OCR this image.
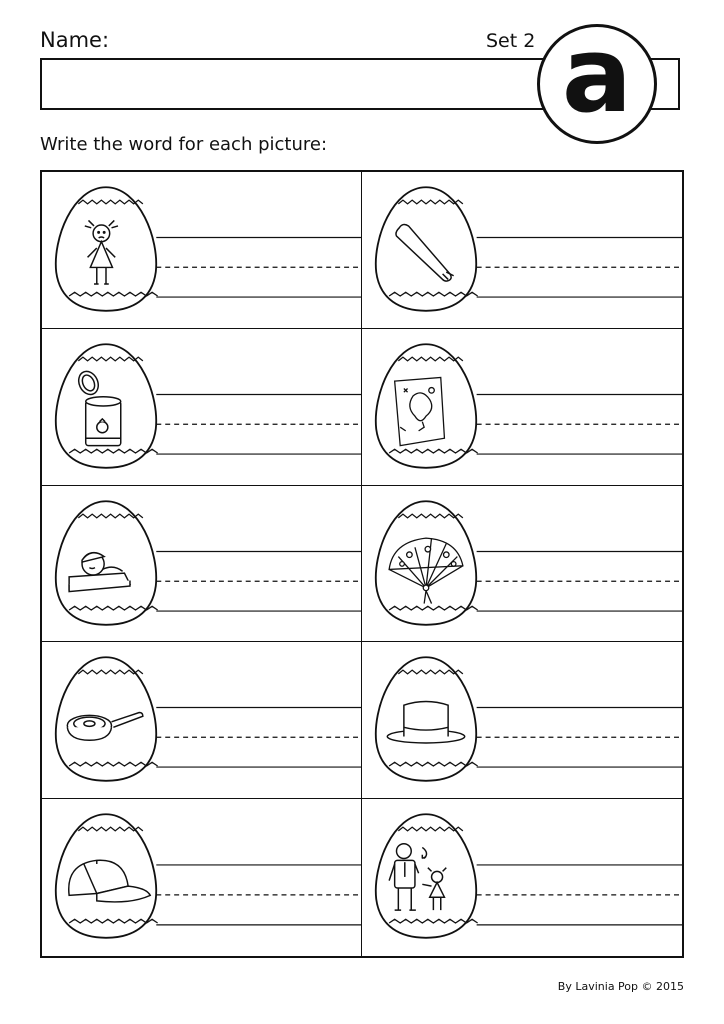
Name:	Set 2 a
Write the word for each picture:
By Lavinia Pop © 2015
